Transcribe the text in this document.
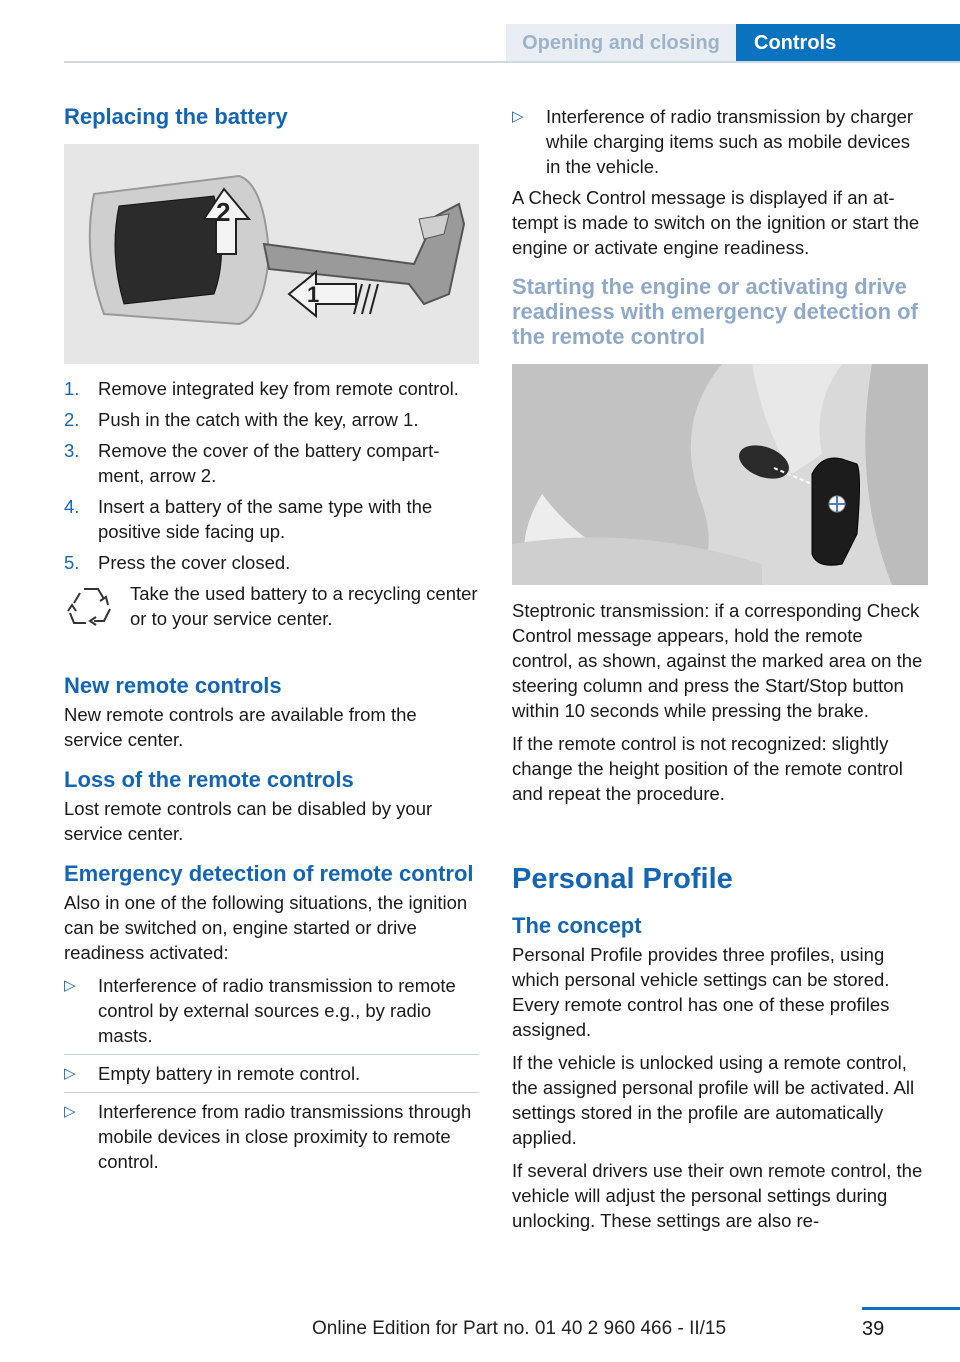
Opening and closing	Controls
Replacing the battery
2
1
1. Remove integrated key from remote control.
2. Push in the catch with the key, arrow 1.
3. Remove the cover of the battery compartment, arrow 2.
4. Insert a battery of the same type with the positive side facing up.
5. Press the cover closed.

Take the used battery to a recycling center or to your service center.

New remote controls

New remote controls are available from the service center.

Loss of the remote controls

Lost remote controls can be disabled by your service center.

Emergency detection of remote control

Also in one of the following situations, the ignition can be switched on, engine started or drive readiness activated:

▷ Interference of radio transmission to remote control by external sources e.g., by radio masts.
▷ Empty battery in remote control.
▷ Interference from radio transmissions through mobile devices in close proximity to remote control.
▷ Interference of radio transmission by charger while charging items such as mobile devices in the vehicle.

A Check Control message is displayed if an attempt is made to switch on the ignition or start the engine or activate engine readiness.

Starting the engine or activating drive readiness with emergency detection of the remote control

Steptronic transmission: if a corresponding Check Control message appears, hold the remote control, as shown, against the marked area on the steering column and press the Start/Stop button within 10 seconds while pressing the brake.

If the remote control is not recognized: slightly change the height position of the remote control and repeat the procedure.

Personal Profile
The concept

Personal Profile provides three profiles, using which personal vehicle settings can be stored. Every remote control has one of these profiles assigned.

If the vehicle is unlocked using a remote control, the assigned personal profile will be activated. All settings stored in the profile are automatically applied.

If several drivers use their own remote control, the vehicle will adjust the personal settings during unlocking. These settings are also re-

39
Online Edition for Part no. 01 40 2 960 466 - II/15
